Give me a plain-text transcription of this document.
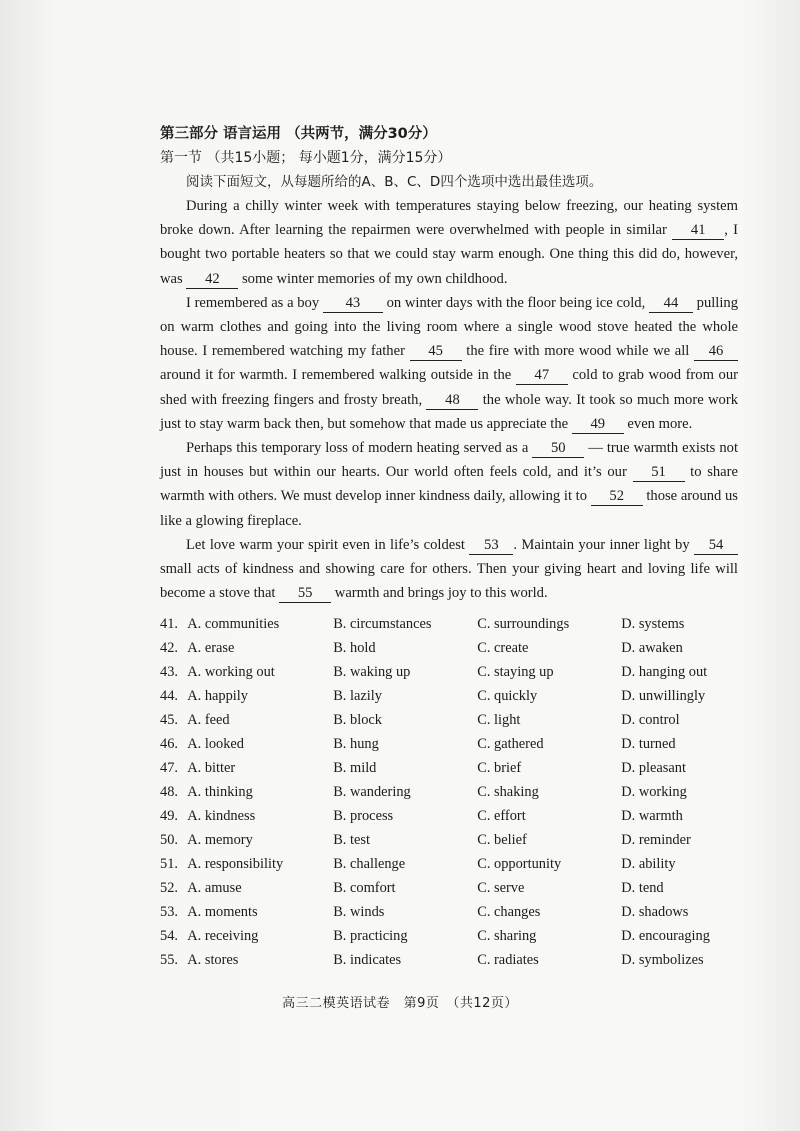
第三部分 语言运用 （共两节，满分30分）

第一节 （共15小题； 每小题1分，满分15分）

阅读下面短文，从每题所给的A、B、C、D四个选项中选出最佳选项。

During a chilly winter week with temperatures staying below freezing, our heating system broke down. After learning the repairmen were overwhelmed with people in similar 41 , I bought two portable heaters so that we could stay warm enough. One thing this did do, however, was 42 some winter memories of my own childhood.

I remembered as a boy 43 on winter days with the floor being ice cold, 44 pulling on warm clothes and going into the living room where a single wood stove heated the whole house. I remembered watching my father 45 the fire with more wood while we all 46 around it for warmth. I remembered walking outside in the 47 cold to grab wood from our shed with freezing fingers and frosty breath, 48 the whole way. It took so much more work just to stay warm back then, but somehow that made us appreciate the 49 even more.

Perhaps this temporary loss of modern heating served as a 50 — true warmth exists not just in houses but within our hearts. Our world often feels cold, and it’s our 51 to share warmth with others. We must develop inner kindness daily, allowing it to 52 those around us like a glowing fireplace.

Let love warm your spirit even in life’s coldest 53 . Maintain your inner light by 54 small acts of kindness and showing care for others. Then your giving heart and loving life will become a stove that 55 warmth and brings joy to this world.

41. A. communities	B. circumstances	C. surroundings	D. systems
42. A. erase	B. hold	C. create	D. awaken
43. A. working out	B. waking up	C. staying up	D. hanging out
44. A. happily	B. lazily	C. quickly	D. unwillingly
45. A. feed	B. block	C. light	D. control
46. A. looked	B. hung	C. gathered	D. turned
47. A. bitter	B. mild	C. brief	D. pleasant
48. A. thinking	B. wandering	C. shaking	D. working
49. A. kindness	B. process	C. effort	D. warmth
50. A. memory	B. test	C. belief	D. reminder
51. A. responsibility	B. challenge	C. opportunity	D. ability
52. A. amuse	B. comfort	C. serve	D. tend
53. A. moments	B. winds	C. changes	D. shadows
54. A. receiving	B. practicing	C. sharing	D. encouraging
55. A. stores	B. indicates	C. radiates	D. symbolizes
高三二模英语试卷　第9页　（共12页）
